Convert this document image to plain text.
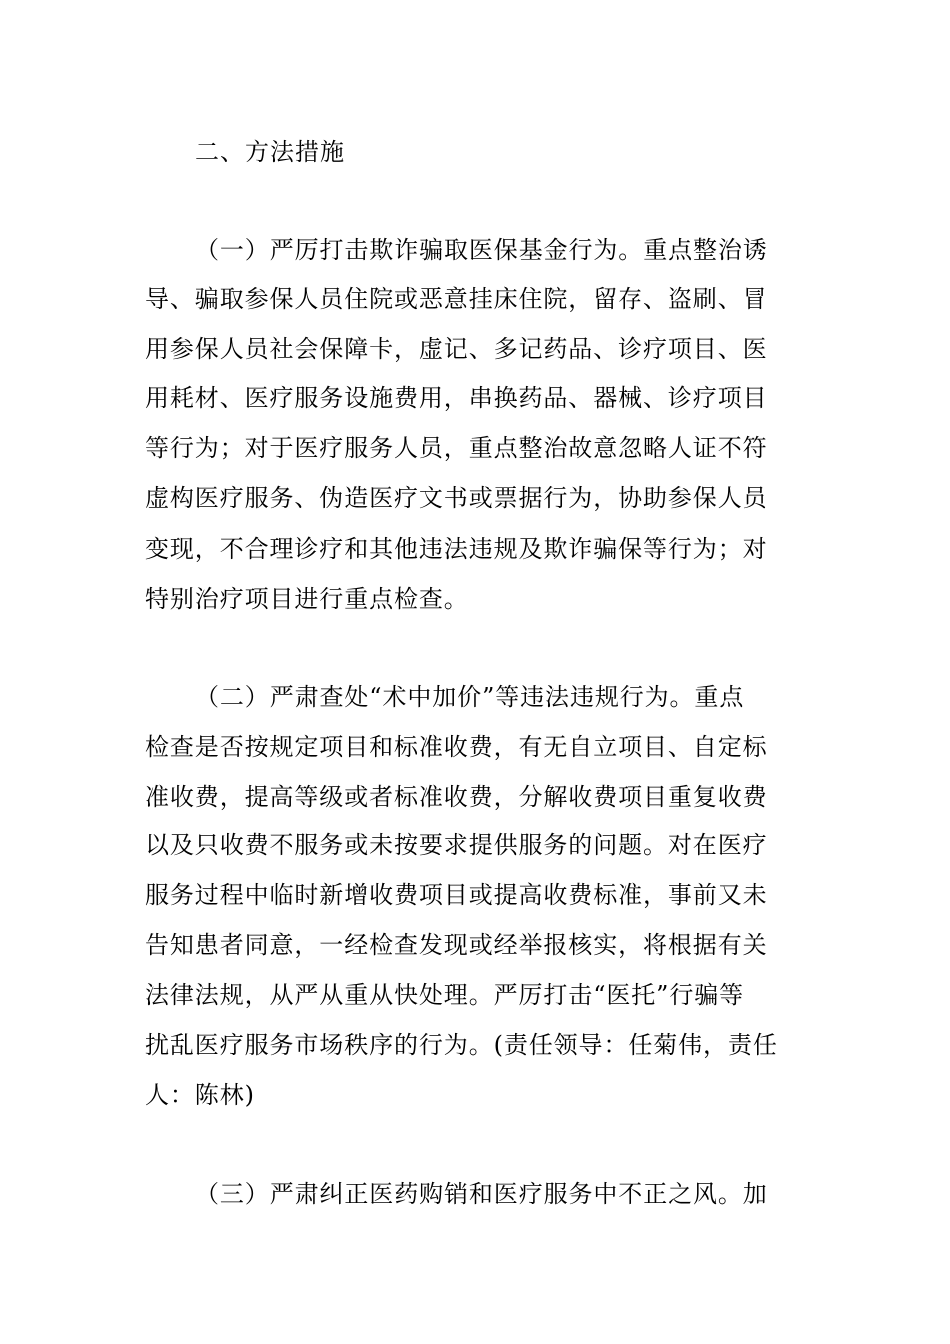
二、方法措施
（一）严厉打击欺诈骗取医保基金行为。重点整治诱
导、骗取参保人员住院或恶意挂床住院，留存、盗刷、冒
用参保人员社会保障卡，虚记、多记药品、诊疗项目、医
用耗材、医疗服务设施费用，串换药品、器械、诊疗项目
等行为；对于医疗服务人员，重点整治故意忽略人证不符
虚构医疗服务、伪造医疗文书或票据行为，协助参保人员
变现，不合理诊疗和其他违法违规及欺诈骗保等行为；对
特别治疗项目进行重点检查。
（二）严肃查处“术中加价”等违法违规行为。重点
检查是否按规定项目和标准收费，有无自立项目、自定标
准收费，提高等级或者标准收费，分解收费项目重复收费
以及只收费不服务或未按要求提供服务的问题。对在医疗
服务过程中临时新增收费项目或提高收费标准，事前又未
告知患者同意，一经检查发现或经举报核实，将根据有关
法律法规，从严从重从快处理。严厉打击“医托”行骗等
扰乱医疗服务市场秩序的行为。(责任领导：任菊伟，责任
人：陈林)
（三）严肃纠正医药购销和医疗服务中不正之风。加
